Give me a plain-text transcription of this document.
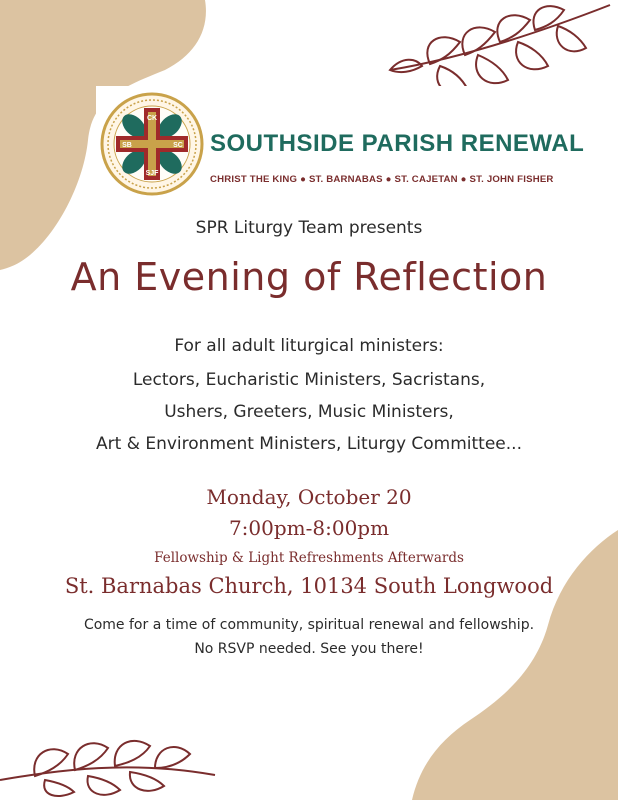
CK
SC
SJF
SB	SOUTHSIDE PARISH RENEWAL
CHRIST THE KING ● ST. BARNABAS ● ST. CAJETAN ● ST. JOHN FISHER
SPR Liturgy Team presents
An Evening of Reflection
For all adult liturgical ministers:
Lectors, Eucharistic Ministers, Sacristans,
Ushers, Greeters, Music Ministers,
Art & Environment Ministers, Liturgy Committee...
Monday, October 20
7:00pm-8:00pm
Fellowship & Light Refreshments Afterwards
St. Barnabas Church, 10134 South Longwood
Come for a time of community, spiritual renewal and fellowship.
No RSVP needed. See you there!
